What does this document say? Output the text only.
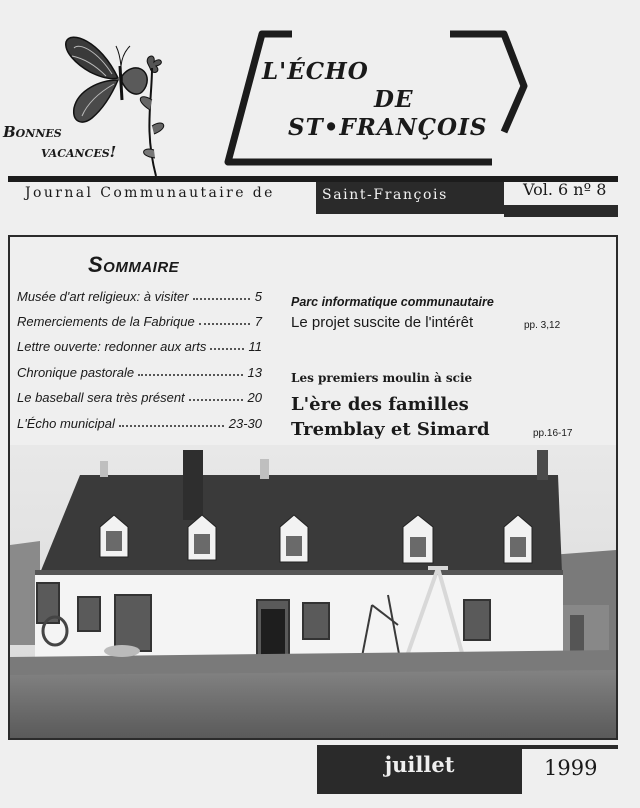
Bonnes
vacances!
L'ÉCHO
DE
ST•FRANÇOIS
Journal Communautaire de	Saint-François	Vol. 6 nº 8
Sommaire
Musée d'art religieux: à visiter	5
Remerciements de la Fabrique	7
Lettre ouverte: redonner aux arts	11
Chronique pastorale	13
Le baseball sera très présent	20
L'Écho municipal	23-30
Parc informatique communautaire
Le projet suscite de l'intérêt	pp. 3,12
Les premiers moulin à scie
L'ère des familles
Tremblay et Simard	pp.16-17
juillet	1999
